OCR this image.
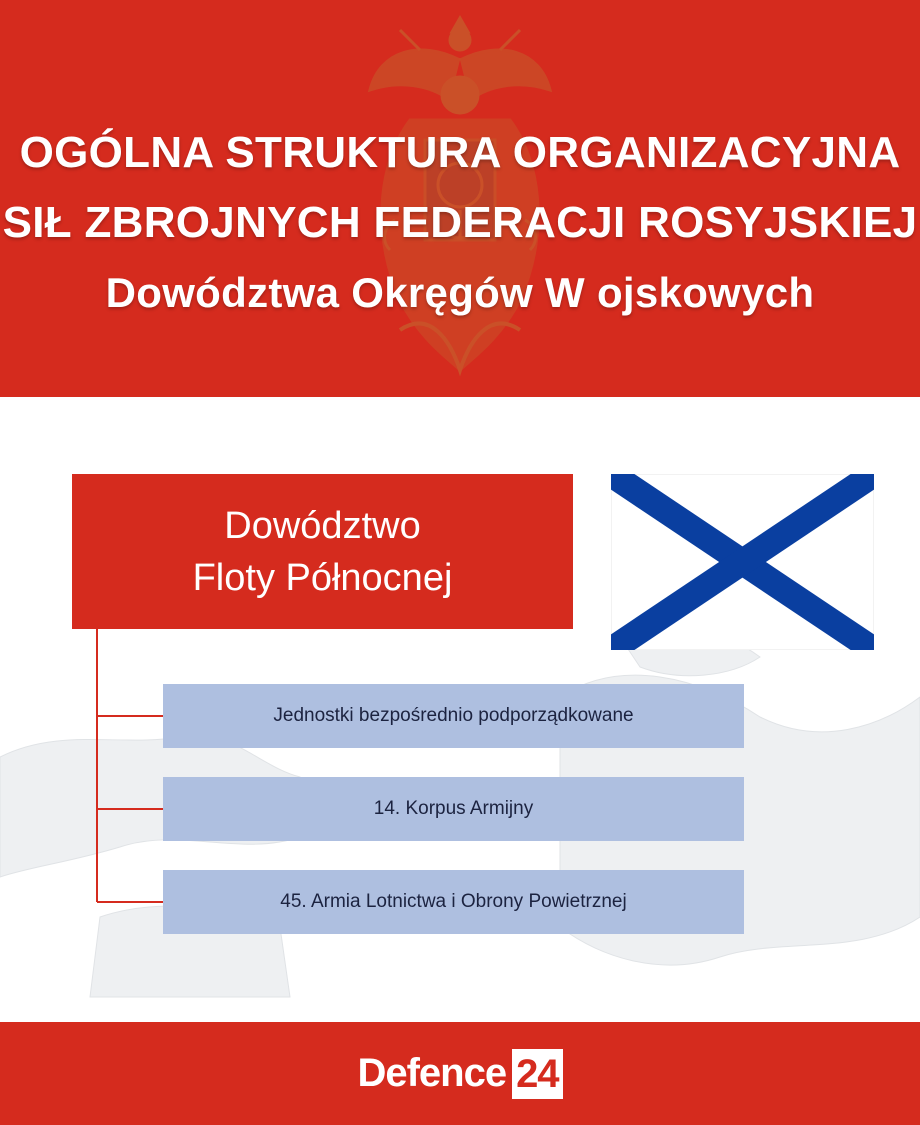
OGÓLNA STRUKTURA ORGANIZACYJNA
SIŁ ZBROJNYCH FEDERACJI ROSYJSKIEJ
Dowództwa Okręgów W ojskowych
Dowództwo
Floty Północnej
Jednostki bezpośrednio podporządkowane
14. Korpus Armijny
45. Armia Lotnictwa i Obrony Powietrznej
Defence 24
